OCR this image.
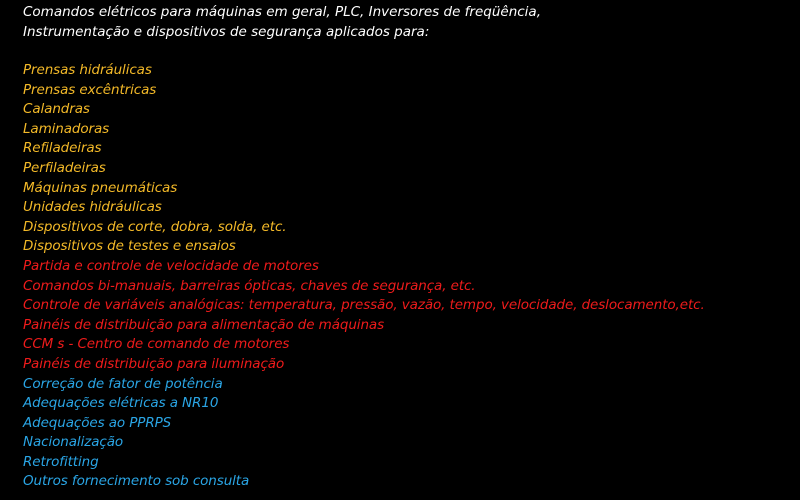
Comandos elétricos para máquinas em geral, PLC, Inversores de freqüência,
Instrumentação e dispositivos de segurança aplicados para:
Prensas hidráulicas
Prensas excêntricas
Calandras
Laminadoras
Refiladeiras
Perfiladeiras
Máquinas pneumáticas
Unidades hidráulicas
Dispositivos de corte, dobra, solda, etc.
Dispositivos de testes e ensaios
Partida e controle de velocidade de motores
Comandos bi-manuais, barreiras ópticas, chaves de segurança, etc.
Controle de variáveis analógicas: temperatura, pressão, vazão, tempo, velocidade, deslocamento,etc.
Painéis de distribuição para alimentação de máquinas
CCM s - Centro de comando de motores
Painéis de distribuição para iluminação
Correção de fator de potência
Adequações elétricas a NR10
Adequações ao PPRPS
Nacionalização
Retrofitting
Outros fornecimento sob consulta
